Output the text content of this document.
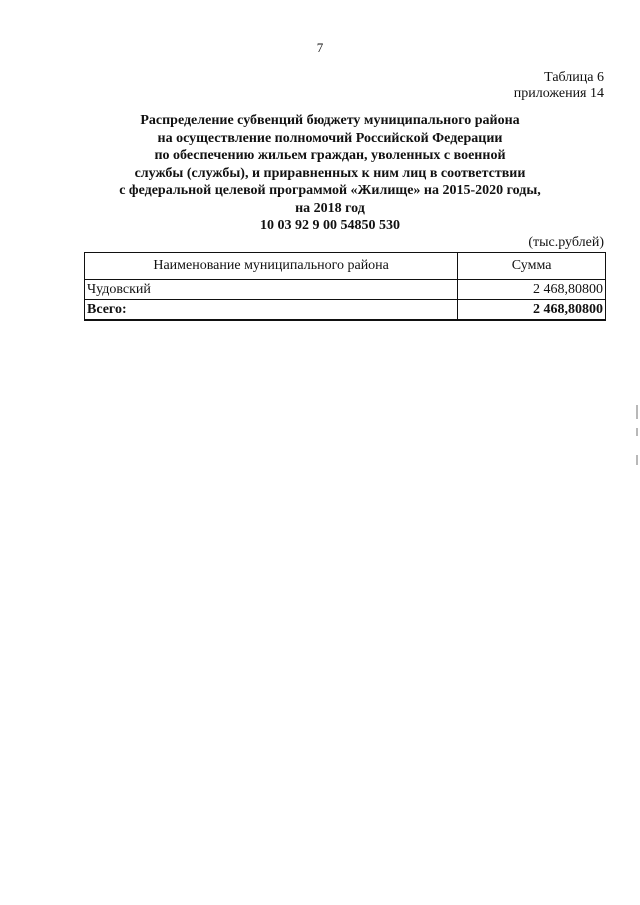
7
Таблица 6
приложения 14
Распределение субвенций бюджету муниципального района
на осуществление полномочий Российской Федерации
по обеспечению жильем граждан, уволенных с военной
службы (службы), и приравненных к ним лиц в соответствии
с федеральной целевой программой «Жилище» на 2015-2020 годы,
на 2018 год
10 03 92 9 00 54850 530
(тыс.рублей)
Наименование муниципального района	Сумма
Чудовский	2 468,80800
Всего:	2 468,80800
